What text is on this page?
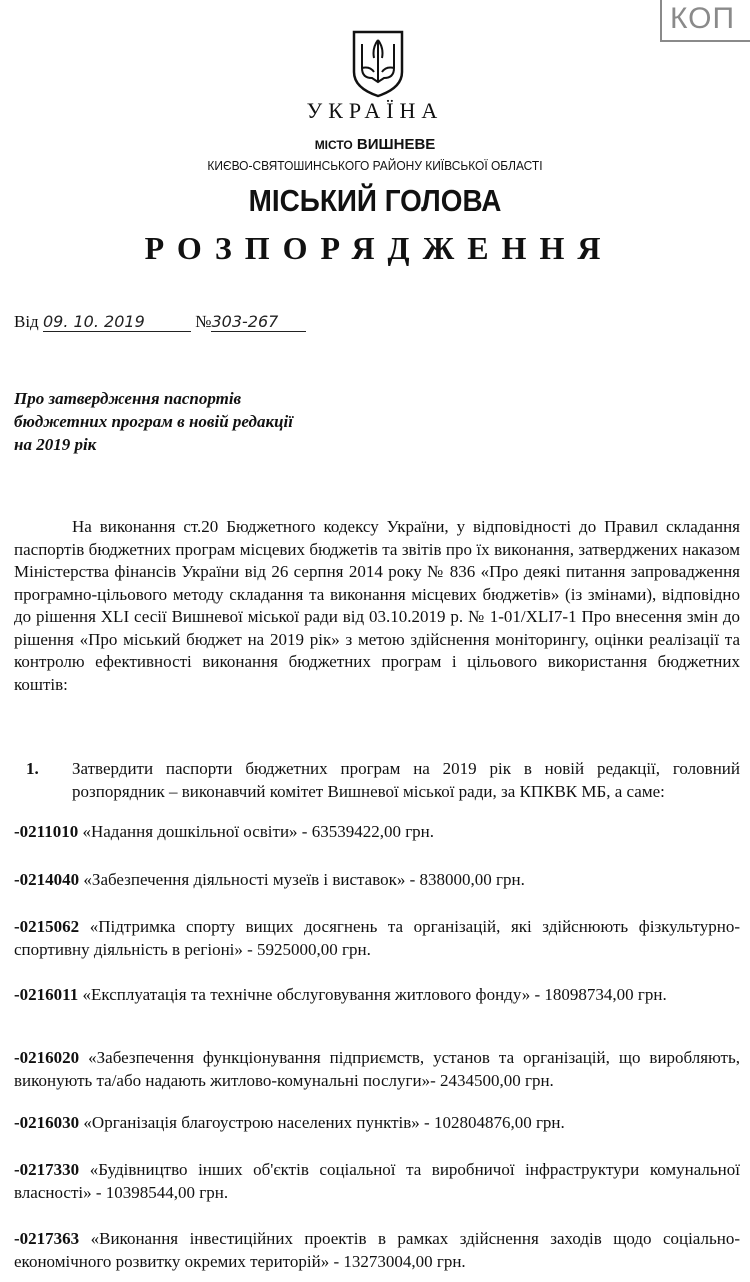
КОП
УКРАЇНА
МІСТО ВИШНЕВЕ
КИЄВО-СВЯТОШИНСЬКОГО РАЙОНУ КИЇВСЬКОЇ ОБЛАСТІ
МІСЬКИЙ ГОЛОВА
РОЗПОРЯДЖЕННЯ
Від 09. 10. 2019	№303-267
Про затвердження паспортів бюджетних програм в новій редакції на 2019 рік
На виконання ст.20 Бюджетного кодексу України, у відповідності до Правил складання паспортів бюджетних програм місцевих бюджетів та звітів про їх виконання, затверджених наказом Міністерства фінансів України від 26 серпня 2014 року № 836 «Про деякі питання запровадження програмно-цільового методу складання та виконання місцевих бюджетів» (із змінами), відповідно до рішення XLI сесії Вишневої міської ради від 03.10.2019 р. № 1-01/XLI7-1 Про внесення змін до рішення «Про міський бюджет на 2019 рік» з метою здійснення моніторингу, оцінки реалізації та контролю ефективності виконання бюджетних програм і цільового використання бюджетних коштів:
1. Затвердити паспорти бюджетних програм на 2019 рік в новій редакції, головний розпорядник – виконавчий комітет Вишневої міської ради, за КПКВК МБ, а саме:
-0211010 «Надання дошкільної освіти» - 63539422,00 грн.
-0214040 «Забезпечення діяльності музеїв і виставок» - 838000,00 грн.
-0215062 «Підтримка спорту вищих досягнень та організацій, які здійснюють фізкультурно-спортивну діяльність в регіоні» - 5925000,00 грн.
-0216011 «Експлуатація та технічне обслуговування житлового фонду» - 18098734,00 грн.
-0216020 «Забезпечення функціонування підприємств, установ та організацій, що виробляють, виконують та/або надають житлово-комунальні послуги»- 2434500,00 грн.
-0216030 «Організація благоустрою населених пунктів» - 102804876,00 грн.
-0217330 «Будівництво інших об'єктів соціальної та виробничої інфраструктури комунальної власності» - 10398544,00 грн.
-0217363 «Виконання інвестиційних проектів в рамках здійснення заходів щодо соціально-економічного розвитку окремих територій» - 13273004,00 грн.
